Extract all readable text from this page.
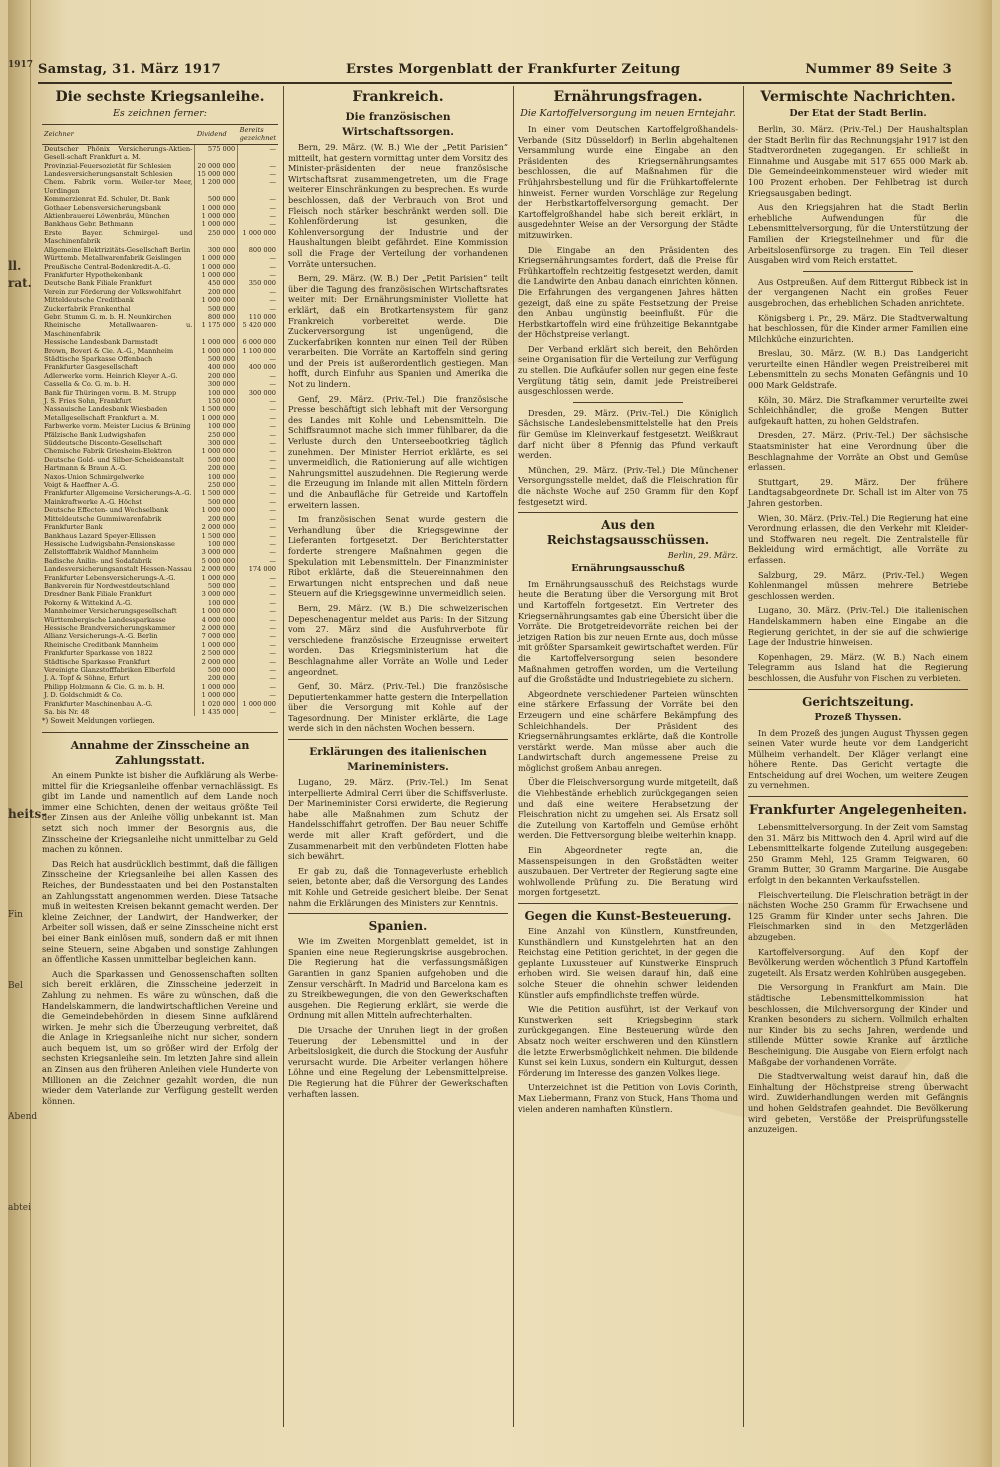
1917
ll.
rat.
heits-
Fin
Bel
Abend
abtei
Samstag, 31. März 1917	Erstes Morgenblatt der Frankfurter Zeitung	Nummer 89 Seite 3
Die sechste Kriegsanleihe.
Es zeichnen ferner:
Zeichner	Dividend	Bereits gezeichnet
Deutscher Phönix Versicherungs-Aktien-Gesell-schaft Frankfurt a. M.	575 000	—
Provinzial-Feuersozietät für Schlesien	20 000 000	—
Landesversicherungsanstalt Schlesien	15 000 000	—
Chem. Fabrik vorm. Weiler-ter Meer, Uerdingen	1 200 000	—
Kommerzienrat Ed. Schuler, Dt. Bank	500 000	—
Gothaer Lebensversicherungsbank	1 000 000	—
Aktienbrauerei Löwenbräu, München	1 000 000	—
Bankhaus Gebr. Bethmann	1 000 000	—
Erste Bayer. Schmirgel- und Maschinenfabrik	250 000	1 000 000
Allgemeine Elektrizitäts-Gesellschaft Berlin	300 000	800 000
Württemb. Metallwarenfabrik Geislingen	1 000 000	—
Preußische Central-Bodenkredit-A.-G.	1 000 000	—
Frankfurter Hypothekenbank	1 000 000	—
Deutsche Bank Filiale Frankfurt	450 000	350 000
Verein zur Förderung der Volkswohlfahrt	200 000	—
Mitteldeutsche Creditbank	1 000 000	—
Zuckerfabrik Frankenthal	500 000	—
Gebr. Stumm G. m. b. H. Neunkirchen	800 000	110 000
Rheinische Metallwaaren- u. Maschinenfabrik	1 175 000	5 420 000
Hessische Landesbank Darmstadt	1 000 000	6 000 000
Brown, Boveri & Cie. A.-G., Mannheim	1 000 000	1 100 000
Städtische Sparkasse Offenbach	500 000	—
Frankfurter Gasgesellschaft	400 000	400 000
Adlerwerke vorm. Heinrich Kleyer A.-G.	200 000	—
Cassella & Co. G. m. b. H.	300 000	—
Bank für Thüringen vorm. B. M. Strupp	100 000	300 000
J. S. Fries Sohn, Frankfurt	150 000	—
Nassauische Landesbank Wiesbaden	1 500 000	—
Metallgesellschaft Frankfurt a. M.	1 000 000	—
Farbwerke vorm. Meister Lucius & Brüning	100 000	—
Pfälzische Bank Ludwigshafen	250 000	—
Süddeutsche Disconto-Gesellschaft	300 000	—
Chemische Fabrik Griesheim-Elektron	1 000 000	—
Deutsche Gold- und Silber-Scheideanstalt	500 000	—
Hartmann & Braun A.-G.	200 000	—
Naxos-Union Schmirgelwerke	100 000	—
Voigt & Haeffner A.-G.	250 000	—
Frankfurter Allgemeine Versicherungs-A.-G.	1 500 000	—
Mainkraftwerke A.-G. Höchst	500 000	—
Deutsche Effecten- und Wechselbank	1 000 000	—
Mitteldeutsche Gummiwarenfabrik	200 000	—
Frankfurter Bank	2 000 000	—
Bankhaus Lazard Speyer-Ellissen	1 500 000	—
Hessische Ludwigsbahn-Pensionskasse	100 000	—
Zellstofffabrik Waldhof Mannheim	3 000 000	—
Badische Anilin- und Sodafabrik	5 000 000	—
Landesversicherungsanstalt Hessen-Nassau	2 000 000	174 000
Frankfurter Lebensversicherungs-A.-G.	1 000 000	—
Bankverein für Nordwestdeutschland	500 000	—
Dresdner Bank Filiale Frankfurt	3 000 000	—
Pokorny & Wittekind A.-G.	100 000	—
Mannheimer Versicherungsgesellschaft	1 000 000	—
Württembergische Landessparkasse	4 000 000	—
Hessische Brandversicherungskammer	2 000 000	—
Allianz Versicherungs-A.-G. Berlin	7 000 000	—
Rheinische Creditbank Mannheim	1 000 000	—
Frankfurter Sparkasse von 1822	2 500 000	—
Städtische Sparkasse Frankfurt	2 000 000	—
Vereinigte Glanzstofffabriken Elberfeld	500 000	—
J. A. Topf & Söhne, Erfurt	200 000	—
Philipp Holzmann & Cie. G. m. b. H.	1 000 000	—
J. D. Goldschmidt & Co.	1 000 000	—
Frankfurter Maschinenbau A.-G.	1 020 000	1 000 000
Sa. bis Nr. 48	1 435 000	—
*) Soweit Meldungen vorliegen.
Annahme der Zinsscheine an Zahlungsstatt.

An einem Punkte ist bisher die Aufklärung als Werbe-mittel für die Kriegsanleihe offenbar vernachlässigt. Es gibt im Lande und namentlich auf dem Lande noch immer eine Schichten, denen der weitaus größte Teil der Zinsen aus der Anleihe völlig unbekannt ist. Man setzt sich noch immer der Besorgnis aus, die Zinsscheine der Kriegsanleihe nicht unmittelbar zu Geld machen zu können.

Das Reich hat ausdrücklich bestimmt, daß die fälligen Zinsscheine der Kriegsanleihe bei allen Kassen des Reiches, der Bundesstaaten und bei den Postanstalten an Zahlungsstatt angenommen werden. Diese Tatsache muß in weitesten Kreisen bekannt gemacht werden. Der kleine Zeichner, der Landwirt, der Handwerker, der Arbeiter soll wissen, daß er seine Zinsscheine nicht erst bei einer Bank einlösen muß, sondern daß er mit ihnen seine Steuern, seine Abgaben und sonstige Zahlungen an öffentliche Kassen unmittelbar begleichen kann.

Auch die Sparkassen und Genossenschaften sollten sich bereit erklären, die Zinsscheine jederzeit in Zahlung zu nehmen. Es wäre zu wünschen, daß die Handelskammern, die landwirtschaftlichen Vereine und die Gemeindebehörden in diesem Sinne aufklärend wirken. Je mehr sich die Überzeugung verbreitet, daß die Anlage in Kriegsanleihe nicht nur sicher, sondern auch bequem ist, um so größer wird der Erfolg der sechsten Kriegsanleihe sein. Im letzten Jahre sind allein an Zinsen aus den früheren Anleihen viele Hunderte von Millionen an die Zeichner gezahlt worden, die nun wieder dem Vaterlande zur Verfügung gestellt werden können.

Frankreich.
Die französischen Wirtschaftssorgen.

Bern, 29. März. (W. B.) Wie der „Petit Parisien“ mitteilt, hat gestern vormittag unter dem Vorsitz des Minister-präsidenten der neue französische Wirtschaftsrat zusammengetreten, um die Frage weiterer Einschränkungen zu besprechen. Es wurde beschlossen, daß der Verbrauch von Brot und Fleisch noch stärker beschränkt werden soll. Die Kohlenförderung ist gesunken, die Kohlenversorgung der Industrie und der Haushaltungen bleibt gefährdet. Eine Kommission soll die Frage der Verteilung der vorhandenen Vorräte untersuchen.

Bern, 29. März. (W. B.) Der „Petit Parisien“ teilt über die Tagung des französischen Wirtschaftsrates weiter mit: Der Ernährungsminister Viollette hat erklärt, daß ein Brotkartensystem für ganz Frankreich vorbereitet werde. Die Zuckerversorgung ist ungenügend, die Zuckerfabriken konnten nur einen Teil der Rüben verarbeiten. Die Vorräte an Kartoffeln sind gering und der Preis ist außerordentlich gestiegen. Man hofft, durch Einfuhr aus Spanien und Amerika die Not zu lindern.

Genf, 29. März. (Priv.-Tel.) Die französische Presse beschäftigt sich lebhaft mit der Versorgung des Landes mit Kohle und Lebensmitteln. Die Schiffsraumnot mache sich immer fühlbarer, da die Verluste durch den Unterseebootkrieg täglich zunehmen. Der Minister Herriot erklärte, es sei unvermeidlich, die Rationierung auf alle wichtigen Nahrungsmittel auszudehnen. Die Regierung werde die Erzeugung im Inlande mit allen Mitteln fördern und die Anbaufläche für Getreide und Kartoffeln erweitern lassen.

Im französischen Senat wurde gestern die Verhandlung über die Kriegsgewinne der Lieferanten fortgesetzt. Der Berichterstatter forderte strengere Maßnahmen gegen die Spekulation mit Lebensmitteln. Der Finanzminister Ribot erklärte, daß die Steuereinnahmen den Erwartungen nicht entsprechen und daß neue Steuern auf die Kriegsgewinne unvermeidlich seien.

Bern, 29. März. (W. B.) Die schweizerischen Depeschenagentur meldet aus Paris: In der Sitzung vom 27. März sind die Ausfuhrverbote für verschiedene französische Erzeugnisse erweitert worden. Das Kriegsministerium hat die Beschlagnahme aller Vorräte an Wolle und Leder angeordnet.

Genf, 30. März. (Priv.-Tel.) Die französische Deputiertenkammer hatte gestern die Interpellation über die Versorgung mit Kohle auf der Tagesordnung. Der Minister erklärte, die Lage werde sich in den nächsten Wochen bessern.

Erklärungen des italienischen Marineministers.

Lugano, 29. März. (Priv.-Tel.) Im Senat interpellierte Admiral Cerri über die Schiffsverluste. Der Marineminister Corsi erwiderte, die Regierung habe alle Maßnahmen zum Schutz der Handelsschiffahrt getroffen. Der Bau neuer Schiffe werde mit aller Kraft gefördert, und die Zusammenarbeit mit den verbündeten Flotten habe sich bewährt.

Er gab zu, daß die Tonnageverluste erheblich seien, betonte aber, daß die Versorgung des Landes mit Kohle und Getreide gesichert bleibe. Der Senat nahm die Erklärungen des Ministers zur Kenntnis.

Spanien.

Wie im Zweiten Morgenblatt gemeldet, ist in Spanien eine neue Regierungskrise ausgebrochen. Die Regierung hat die verfassungsmäßigen Garantien in ganz Spanien aufgehoben und die Zensur verschärft. In Madrid und Barcelona kam es zu Streikbewegungen, die von den Gewerkschaften ausgehen. Die Regierung erklärt, sie werde die Ordnung mit allen Mitteln aufrechterhalten.

Die Ursache der Unruhen liegt in der großen Teuerung der Lebensmittel und in der Arbeitslosigkeit, die durch die Stockung der Ausfuhr verursacht wurde. Die Arbeiter verlangen höhere Löhne und eine Regelung der Lebensmittelpreise. Die Regierung hat die Führer der Gewerkschaften verhaften lassen.

Ernährungsfragen.
Die Kartoffelversorgung im neuen Erntejahr.

In einer vom Deutschen Kartoffelgroßhandels-Verbande (Sitz Düsseldorf) in Berlin abgehaltenen Versammlung wurde eine Eingabe an den Präsidenten des Kriegsernährungsamtes beschlossen, die auf Maßnahmen für die Frühjahrsbestellung und für die Frühkartoffelernte hinweist. Ferner wurden Vorschläge zur Regelung der Herbstkartoffelversorgung gemacht. Der Kartoffelgroßhandel habe sich bereit erklärt, in ausgedehnter Weise an der Versorgung der Städte mitzuwirken.

Die Eingabe an den Präsidenten des Kriegsernährungsamtes fordert, daß die Preise für Frühkartoffeln rechtzeitig festgesetzt werden, damit die Landwirte den Anbau danach einrichten können. Die Erfahrungen des vergangenen Jahres hätten gezeigt, daß eine zu späte Festsetzung der Preise den Anbau ungünstig beeinflußt. Für die Herbstkartoffeln wird eine frühzeitige Bekanntgabe der Höchstpreise verlangt.

Der Verband erklärt sich bereit, den Behörden seine Organisation für die Verteilung zur Verfügung zu stellen. Die Aufkäufer sollen nur gegen eine feste Vergütung tätig sein, damit jede Preistreiberei ausgeschlossen werde.

Dresden, 29. März. (Priv.-Tel.) Die Königlich Sächsische Landeslebensmittelstelle hat den Preis für Gemüse im Kleinverkauf festgesetzt. Weißkraut darf nicht über 8 Pfennig das Pfund verkauft werden.

München, 29. März. (Priv.-Tel.) Die Münchener Versorgungsstelle meldet, daß die Fleischration für die nächste Woche auf 250 Gramm für den Kopf festgesetzt wird.

Aus den Reichstagsausschüssen.
Berlin, 29. März.
Ernährungsausschuß

Im Ernährungsausschuß des Reichstags wurde heute die Beratung über die Versorgung mit Brot und Kartoffeln fortgesetzt. Ein Vertreter des Kriegsernährungsamtes gab eine Übersicht über die Vorräte. Die Brotgetreidevorräte reichen bei der jetzigen Ration bis zur neuen Ernte aus, doch müsse mit größter Sparsamkeit gewirtschaftet werden. Für die Kartoffelversorgung seien besondere Maßnahmen getroffen worden, um die Verteilung auf die Großstädte und Industriegebiete zu sichern.

Abgeordnete verschiedener Parteien wünschten eine stärkere Erfassung der Vorräte bei den Erzeugern und eine schärfere Bekämpfung des Schleichhandels. Der Präsident des Kriegsernährungsamtes erklärte, daß die Kontrolle verstärkt werde. Man müsse aber auch die Landwirtschaft durch angemessene Preise zu möglichst großem Anbau anregen.

Über die Fleischversorgung wurde mitgeteilt, daß die Viehbestände erheblich zurückgegangen seien und daß eine weitere Herabsetzung der Fleischration nicht zu umgehen sei. Als Ersatz soll die Zuteilung von Kartoffeln und Gemüse erhöht werden. Die Fettversorgung bleibe weiterhin knapp.

Ein Abgeordneter regte an, die Massenspeisungen in den Großstädten weiter auszubauen. Der Vertreter der Regierung sagte eine wohlwollende Prüfung zu. Die Beratung wird morgen fortgesetzt.

Gegen die Kunst-Besteuerung.

Eine Anzahl von Künstlern, Kunstfreunden, Kunsthändlern und Kunstgelehrten hat an den Reichstag eine Petition gerichtet, in der gegen die geplante Luxussteuer auf Kunstwerke Einspruch erhoben wird. Sie weisen darauf hin, daß eine solche Steuer die ohnehin schwer leidenden Künstler aufs empfindlichste treffen würde.

Wie die Petition ausführt, ist der Verkauf von Kunstwerken seit Kriegsbeginn stark zurückgegangen. Eine Besteuerung würde den Absatz noch weiter erschweren und den Künstlern die letzte Erwerbsmöglichkeit nehmen. Die bildende Kunst sei kein Luxus, sondern ein Kulturgut, dessen Förderung im Interesse des ganzen Volkes liege.

Unterzeichnet ist die Petition von Lovis Corinth, Max Liebermann, Franz von Stuck, Hans Thoma und vielen anderen namhaften Künstlern.

Vermischte Nachrichten.
Der Etat der Stadt Berlin.

Berlin, 30. März. (Priv.-Tel.) Der Haushaltsplan der Stadt Berlin für das Rechnungsjahr 1917 ist den Stadtverordneten zugegangen. Er schließt in Einnahme und Ausgabe mit 517 655 000 Mark ab. Die Gemeindeeinkommensteuer wird wieder mit 100 Prozent erhoben. Der Fehlbetrag ist durch Kriegsausgaben bedingt.

Aus den Kriegsjahren hat die Stadt Berlin erhebliche Aufwendungen für die Lebensmittelversorgung, für die Unterstützung der Familien der Kriegsteilnehmer und für die Arbeitslosenfürsorge zu tragen. Ein Teil dieser Ausgaben wird vom Reich erstattet.

Aus Ostpreußen. Auf dem Rittergut Ribbeck ist in der vergangenen Nacht ein großes Feuer ausgebrochen, das erheblichen Schaden anrichtete.

Königsberg i. Pr., 29. März. Die Stadtverwaltung hat beschlossen, für die Kinder armer Familien eine Milchküche einzurichten.

Breslau, 30. März. (W. B.) Das Landgericht verurteilte einen Händler wegen Preistreiberei mit Lebensmitteln zu sechs Monaten Gefängnis und 10 000 Mark Geldstrafe.

Köln, 30. März. Die Strafkammer verurteilte zwei Schleichhändler, die große Mengen Butter aufgekauft hatten, zu hohen Geldstrafen.

Dresden, 27. März. (Priv.-Tel.) Der sächsische Staatsminister hat eine Verordnung über die Beschlagnahme der Vorräte an Obst und Gemüse erlassen.

Stuttgart, 29. März. Der frühere Landtagsabgeordnete Dr. Schall ist im Alter von 75 Jahren gestorben.

Wien, 30. März. (Priv.-Tel.) Die Regierung hat eine Verordnung erlassen, die den Verkehr mit Kleider- und Stoffwaren neu regelt. Die Zentralstelle für Bekleidung wird ermächtigt, alle Vorräte zu erfassen.

Salzburg, 29. März. (Priv.-Tel.) Wegen Kohlenmangel müssen mehrere Betriebe geschlossen werden.

Lugano, 30. März. (Priv.-Tel.) Die italienischen Handelskammern haben eine Eingabe an die Regierung gerichtet, in der sie auf die schwierige Lage der Industrie hinweisen.

Kopenhagen, 29. März. (W. B.) Nach einem Telegramm aus Island hat die Regierung beschlossen, die Ausfuhr von Fischen zu verbieten.

Gerichtszeitung.
Prozeß Thyssen.

In dem Prozeß des jungen August Thyssen gegen seinen Vater wurde heute vor dem Landgericht Mülheim verhandelt. Der Kläger verlangt eine höhere Rente. Das Gericht vertagte die Entscheidung auf drei Wochen, um weitere Zeugen zu vernehmen.

Frankfurter Angelegenheiten.

Lebensmittelversorgung. In der Zeit vom Samstag den 31. März bis Mittwoch den 4. April wird auf die Lebensmittelkarte folgende Zuteilung ausgegeben: 250 Gramm Mehl, 125 Gramm Teigwaren, 60 Gramm Butter, 30 Gramm Margarine. Die Ausgabe erfolgt in den bekannten Verkaufsstellen.

Fleischverteilung. Die Fleischration beträgt in der nächsten Woche 250 Gramm für Erwachsene und 125 Gramm für Kinder unter sechs Jahren. Die Fleischmarken sind in den Metzgerläden abzugeben.

Kartoffelversorgung. Auf den Kopf der Bevölkerung werden wöchentlich 3 Pfund Kartoffeln zugeteilt. Als Ersatz werden Kohlrüben ausgegeben.

Die Versorgung in Frankfurt am Main. Die städtische Lebensmittelkommission hat beschlossen, die Milchversorgung der Kinder und Kranken besonders zu sichern. Vollmilch erhalten nur Kinder bis zu sechs Jahren, werdende und stillende Mütter sowie Kranke auf ärztliche Bescheinigung. Die Ausgabe von Eiern erfolgt nach Maßgabe der vorhandenen Vorräte.

Die Stadtverwaltung weist darauf hin, daß die Einhaltung der Höchstpreise streng überwacht wird. Zuwiderhandlungen werden mit Gefängnis und hohen Geldstrafen geahndet. Die Bevölkerung wird gebeten, Verstöße der Preisprüfungsstelle anzuzeigen.
